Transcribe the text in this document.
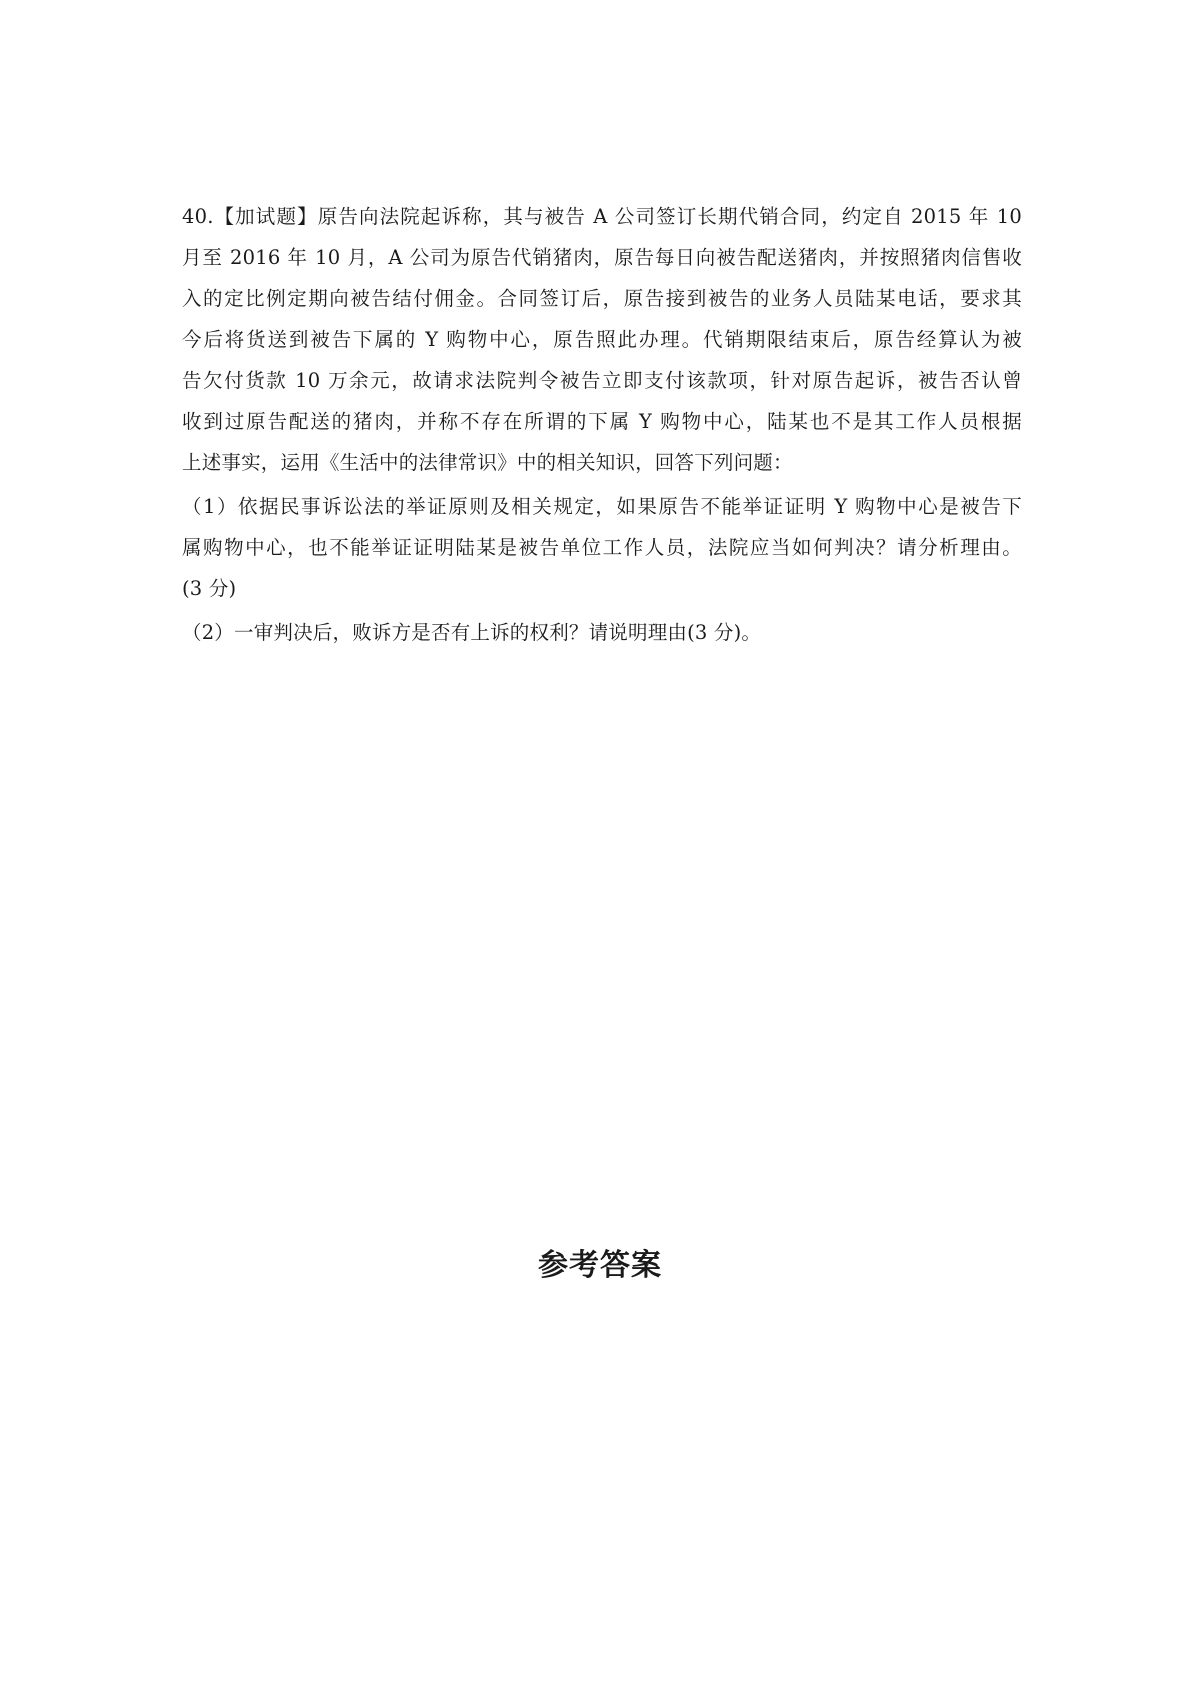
40.【加试题】原告向法院起诉称，其与被告 A 公司签订长期代销合同，约定自 2015 年 10
月至 2016 年 10 月，A 公司为原告代销猪肉，原告每日向被告配送猪肉，并按照猪肉信售收
入的定比例定期向被告结付佣金。合同签订后，原告接到被告的业务人员陆某电话，要求其
今后将货送到被告下属的 Y 购物中心，原告照此办理。代销期限结束后，原告经算认为被
告欠付货款 10 万余元，故请求法院判令被告立即支付该款项，针对原告起诉，被告否认曾
收到过原告配送的猪肉，并称不存在所谓的下属 Y 购物中心，陆某也不是其工作人员根据
上述事实，运用《生活中的法律常识》中的相关知识，回答下列问题：
（1）依据民事诉讼法的举证原则及相关规定，如果原告不能举证证明 Y 购物中心是被告下
属购物中心，也不能举证证明陆某是被告单位工作人员，法院应当如何判决？请分析理由。
(3 分)
（2）一审判决后，败诉方是否有上诉的权利？请说明理由(3 分)。
参考答案
